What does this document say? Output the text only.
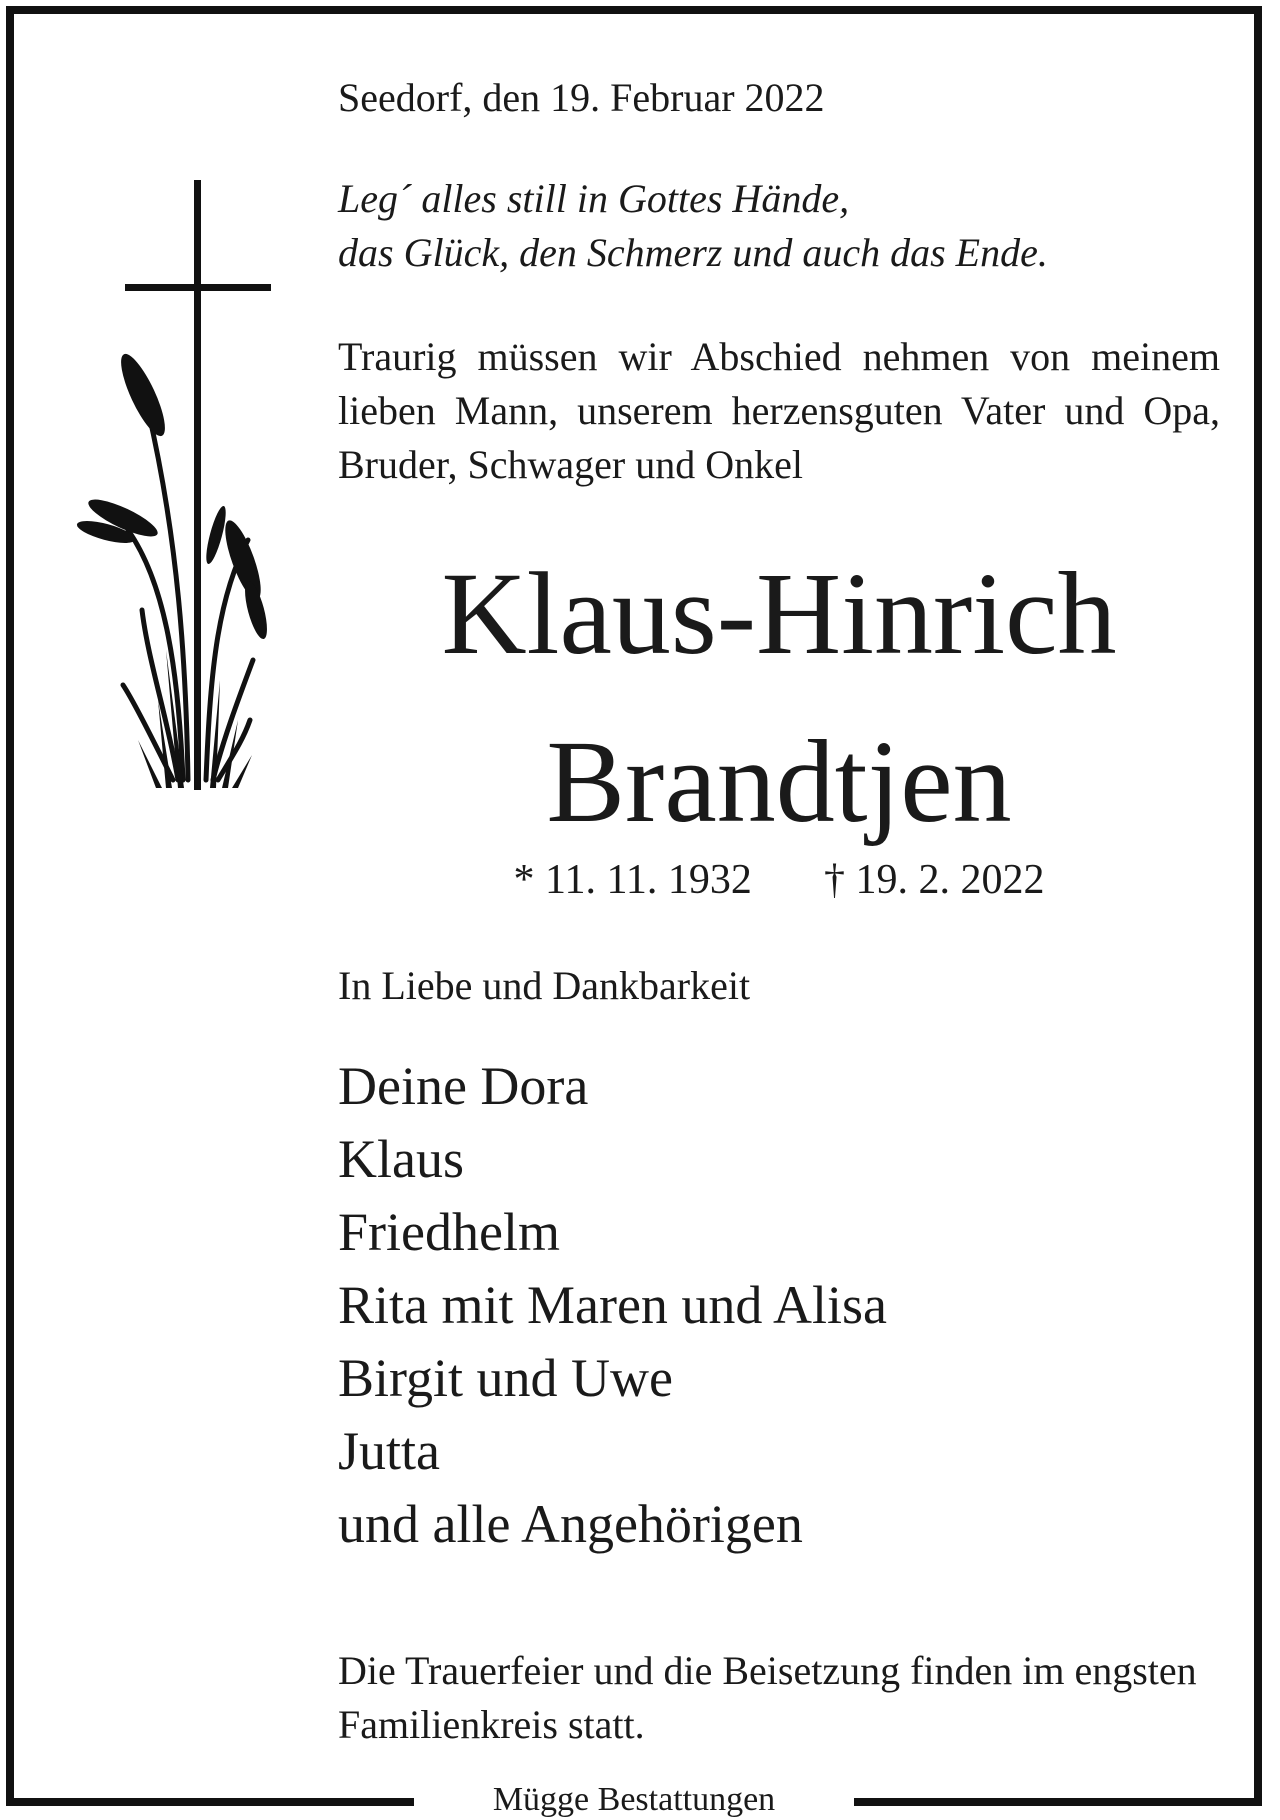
Seedorf, den 19. Februar 2022
Leg´ alles still in Gottes Hände,
das Glück, den Schmerz und auch das Ende.
Traurig müssen wir Abschied nehmen von meinem lieben Mann, unserem herzensguten Vater und Opa, Bruder, Schwager und Onkel
Klaus-Hinrich
Brandtjen
* 11. 11. 1932 † 19. 2. 2022
In Liebe und Dankbarkeit
Deine Dora
Klaus
Friedhelm
Rita mit Maren und Alisa
Birgit und Uwe
Jutta
und alle Angehörigen
Die Trauerfeier und die Beisetzung finden im engsten Familienkreis statt.
Mügge Bestattungen
